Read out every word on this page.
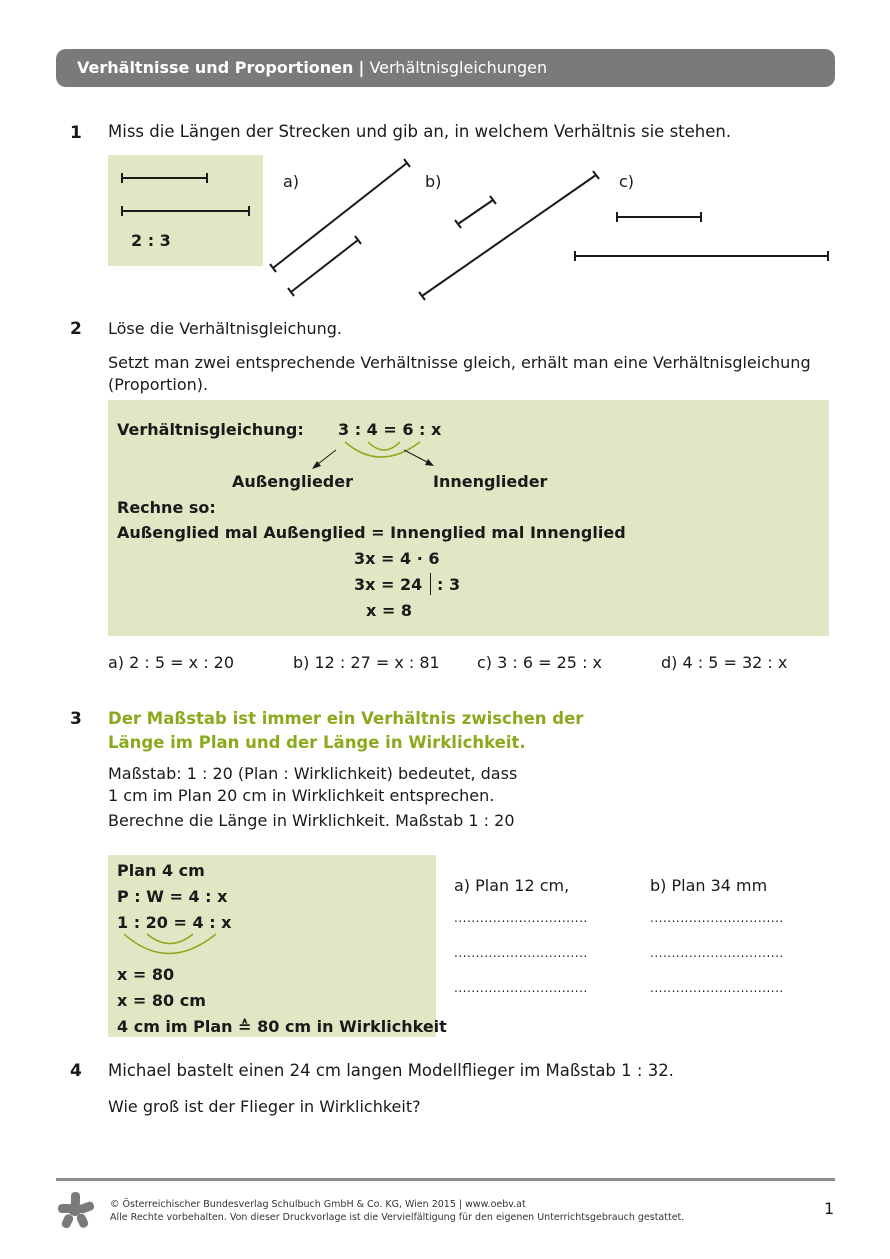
Verhältnisse und Proportionen | Verhältnisgleichungen
1 Miss die Längen der Strecken und gib an, in welchem Verhältnis sie stehen.
2 : 3
a)	b)	c)
2 Löse die Verhältnisgleichung.
Setzt man zwei entsprechende Verhältnisse gleich, erhält man eine Verhältnisgleichung
(Proportion).
Verhältnisgleichung: 3 : 4 = 6 : x
Außenglieder	Innenglieder
Rechne so:
Außenglied mal Außenglied = Innenglied mal Innenglied
3x = 4 · 6
3x = 24 : 3
x = 8
a) 2 : 5 = x : 20	b) 12 : 27 = x : 81 c) 3 : 6 = 25 : x	d) 4 : 5 = 32 : x
3 Der Maßstab ist immer ein Verhältnis zwischen der
Länge im Plan und der Länge in Wirklichkeit.
Maßstab: 1 : 20 (Plan : Wirklichkeit) bedeutet, dass
1 cm im Plan 20 cm in Wirklichkeit entsprechen.
Berechne die Länge in Wirklichkeit. Maßstab 1 : 20
Plan 4 cm
P : W = 4 : x
1 : 20 = 4 : x
x = 80
x = 80 cm
4 cm im Plan ≙ 80 cm in Wirklichkeit
a) Plan 12 cm,	b) Plan 34 mm
...............................
...............................
...............................
...............................
...............................
...............................
4 Michael bastelt einen 24 cm langen Modellflieger im Maßstab 1 : 32.
Wie groß ist der Flieger in Wirklichkeit?
© Österreichischer Bundesverlag Schulbuch GmbH & Co. KG, Wien 2015 | www.oebv.at
Alle Rechte vorbehalten. Von dieser Druckvorlage ist die Vervielfältigung für den eigenen Unterrichtsgebrauch gestattet.	1
